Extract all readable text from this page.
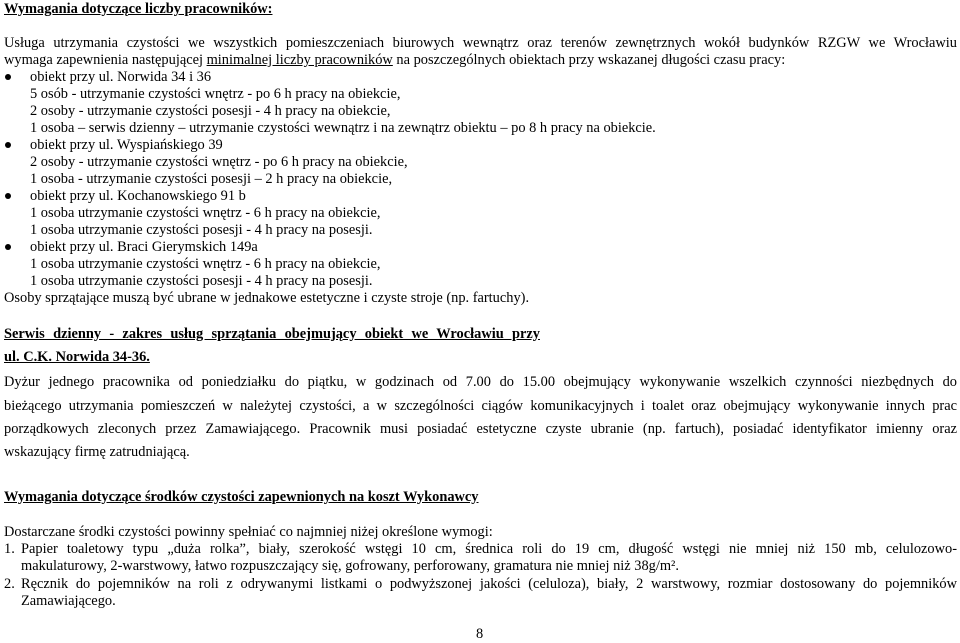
Wymagania dotyczące liczby pracowników:
Usługa utrzymania czystości we wszystkich pomieszczeniach biurowych wewnątrz oraz terenów zewnętrznych wokół budynków RZGW we Wrocławiu
wymaga zapewnienia następującej minimalnej liczby pracowników na poszczególnych obiektach przy wskazanej długości czasu pracy:
obiekt przy ul. Norwida 34 i 36
5 osób - utrzymanie czystości wnętrz - po 6 h pracy na obiekcie,
2 osoby - utrzymanie czystości posesji - 4 h pracy na obiekcie,
1 osoba – serwis dzienny – utrzymanie czystości wewnątrz i na zewnątrz obiektu – po 8 h pracy na obiekcie.
obiekt przy ul. Wyspiańskiego 39
2 osoby - utrzymanie czystości wnętrz - po 6 h pracy na obiekcie,
1 osoba - utrzymanie czystości posesji – 2 h pracy na obiekcie,
obiekt przy ul. Kochanowskiego 91 b
1 osoba utrzymanie czystości wnętrz - 6 h pracy na obiekcie,
1 osoba utrzymanie czystości posesji - 4 h pracy na posesji.
obiekt przy ul. Braci Gierymskich 149a
1 osoba utrzymanie czystości wnętrz - 6 h pracy na obiekcie,
1 osoba utrzymanie czystości posesji - 4 h pracy na posesji.
Osoby sprzątające muszą być ubrane w jednakowe estetyczne i czyste stroje (np. fartuchy).
Serwis dzienny - zakres usług sprzątania obejmujący obiekt we Wrocławiu przy
ul. C.K. Norwida 34-36.
Dyżur jednego pracownika od poniedziałku do piątku, w godzinach od 7.00 do 15.00 obejmujący wykonywanie wszelkich czynności niezbędnych do
bieżącego utrzymania pomieszczeń w należytej czystości, a w szczególności ciągów komunikacyjnych i toalet oraz obejmujący wykonywanie innych prac
porządkowych zleconych przez Zamawiającego. Pracownik musi posiadać estetyczne czyste ubranie (np. fartuch), posiadać identyfikator imienny oraz
wskazujący firmę zatrudniającą.
Wymagania dotyczące środków czystości zapewnionych na koszt Wykonawcy
Dostarczane środki czystości powinny spełniać co najmniej niżej określone wymogi:
1. Papier toaletowy typu „duża rolka”, biały, szerokość wstęgi 10 cm, średnica roli do 19 cm, długość wstęgi nie mniej niż 150 mb, celulozowo-
makulaturowy, 2-warstwowy, łatwo rozpuszczający się, gofrowany, perforowany, gramatura nie mniej niż 38g/m².
2. Ręcznik do pojemników na roli z odrywanymi listkami o podwyższonej jakości (celuloza), biały, 2 warstwowy, rozmiar dostosowany do pojemników
Zamawiającego.
8
